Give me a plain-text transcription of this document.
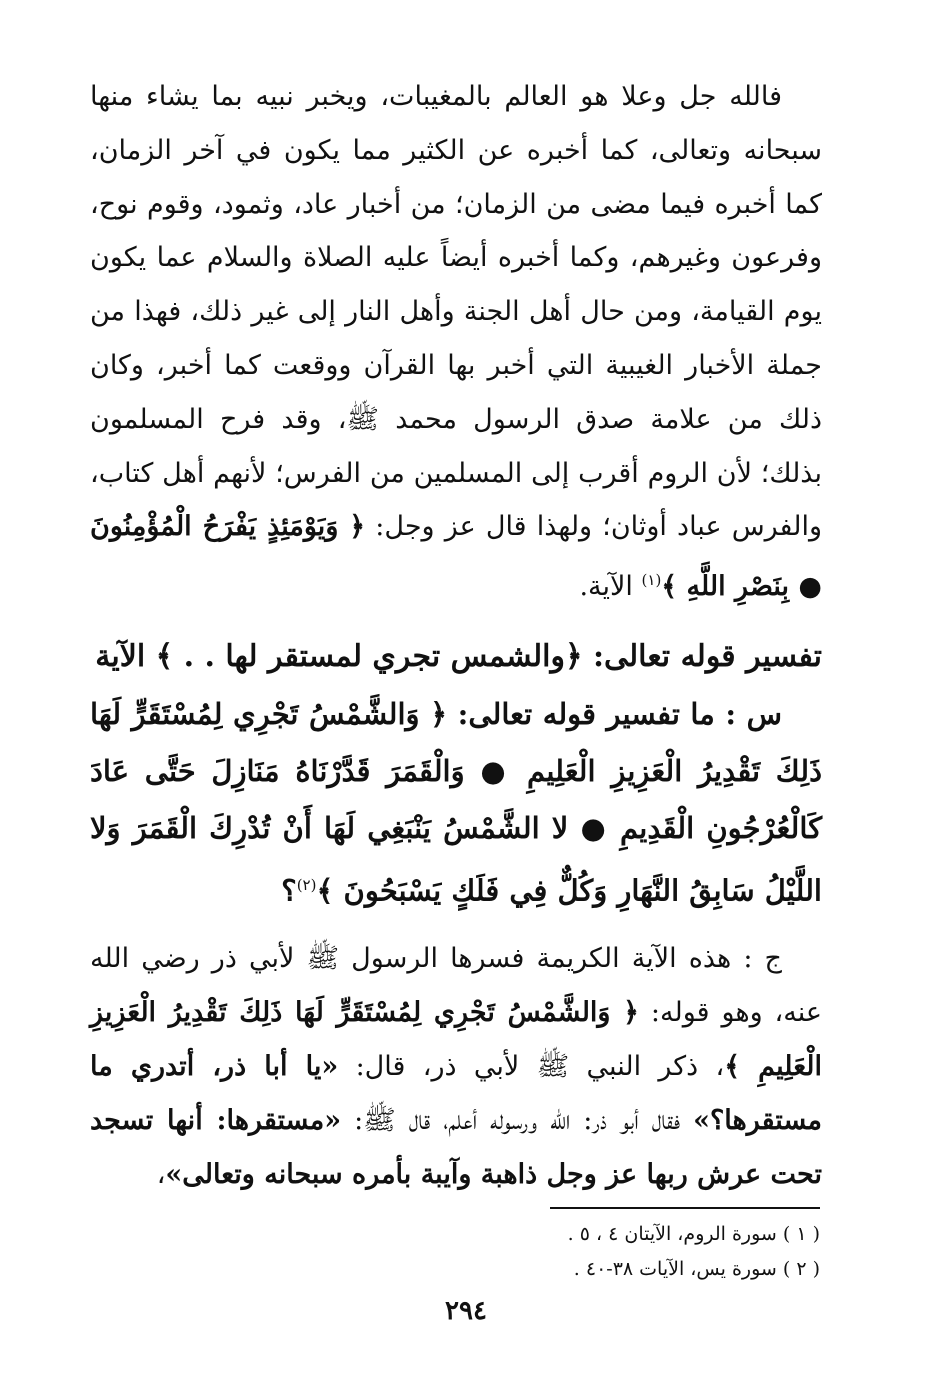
فالله جل وعلا هو العالم بالمغيبات، ويخبر نبيه بما يشاء منها سبحانه وتعالى، كما أخبره عن الكثير مما يكون في آخر الزمان، كما أخبره فيما مضى من الزمان؛ من أخبار عاد، وثمود، وقوم نوح، وفرعون وغيرهم، وكما أخبره أيضاً عليه الصلاة والسلام عما يكون يوم القيامة، ومن حال أهل الجنة وأهل النار إلى غير ذلك، فهذا من جملة الأخبار الغيبية التي أخبر بها القرآن ووقعت كما أخبر، وكان ذلك من علامة صدق الرسول محمد ﷺ، وقد فرح المسلمون بذلك؛ لأن الروم أقرب إلى المسلمين من الفرس؛ لأنهم أهل كتاب، والفرس عباد أوثان؛ ولهذا قال عز وجل: ﴿ وَيَوْمَئِذٍ يَفْرَحُ الْمُؤْمِنُونَ ● بِنَصْرِ اللَّهِ ﴾$^{(١)}$ الآية.

تفسير قوله تعالى: ﴿والشمس تجري لمستقر لها . . ﴾ الآية

س : ما تفسير قوله تعالى: ﴿ وَالشَّمْسُ تَجْرِي لِمُسْتَقَرٍّ لَهَا ذَلِكَ تَقْدِيرُ الْعَزِيزِ الْعَلِيمِ ● وَالْقَمَرَ قَدَّرْنَاهُ مَنَازِلَ حَتَّى عَادَ كَالْعُرْجُونِ الْقَدِيمِ ● لا الشَّمْسُ يَنْبَغِي لَهَا أَنْ تُدْرِكَ الْقَمَرَ وَلا اللَّيْلُ سَابِقُ النَّهَارِ وَكُلٌّ فِي فَلَكٍ يَسْبَحُونَ ﴾$^{(٢)}$؟

ج : هذه الآية الكريمة فسرها الرسول ﷺ لأبي ذر رضي الله عنه، وهو قوله: ﴿ وَالشَّمْسُ تَجْرِي لِمُسْتَقَرٍّ لَهَا ذَلِكَ تَقْدِيرُ الْعَزِيزِ الْعَلِيمِ ﴾، ذكر النبي ﷺ لأبي ذر، قال: «يا أبا ذر، أتدري ما مستقرها؟» فقال أبو ذر: الله ورسوله أعلم، قال ﷺ: «مستقرها: أنها تسجد تحت عرش ربها عز وجل ذاهبة وآيبة بأمره سبحانه وتعالى»،

( ١ ) سورة الروم، الآيتان ٤ ، ٥ .

( ٢ ) سورة يس، الآيات ٣٨-٤٠ .

٢٩٤
